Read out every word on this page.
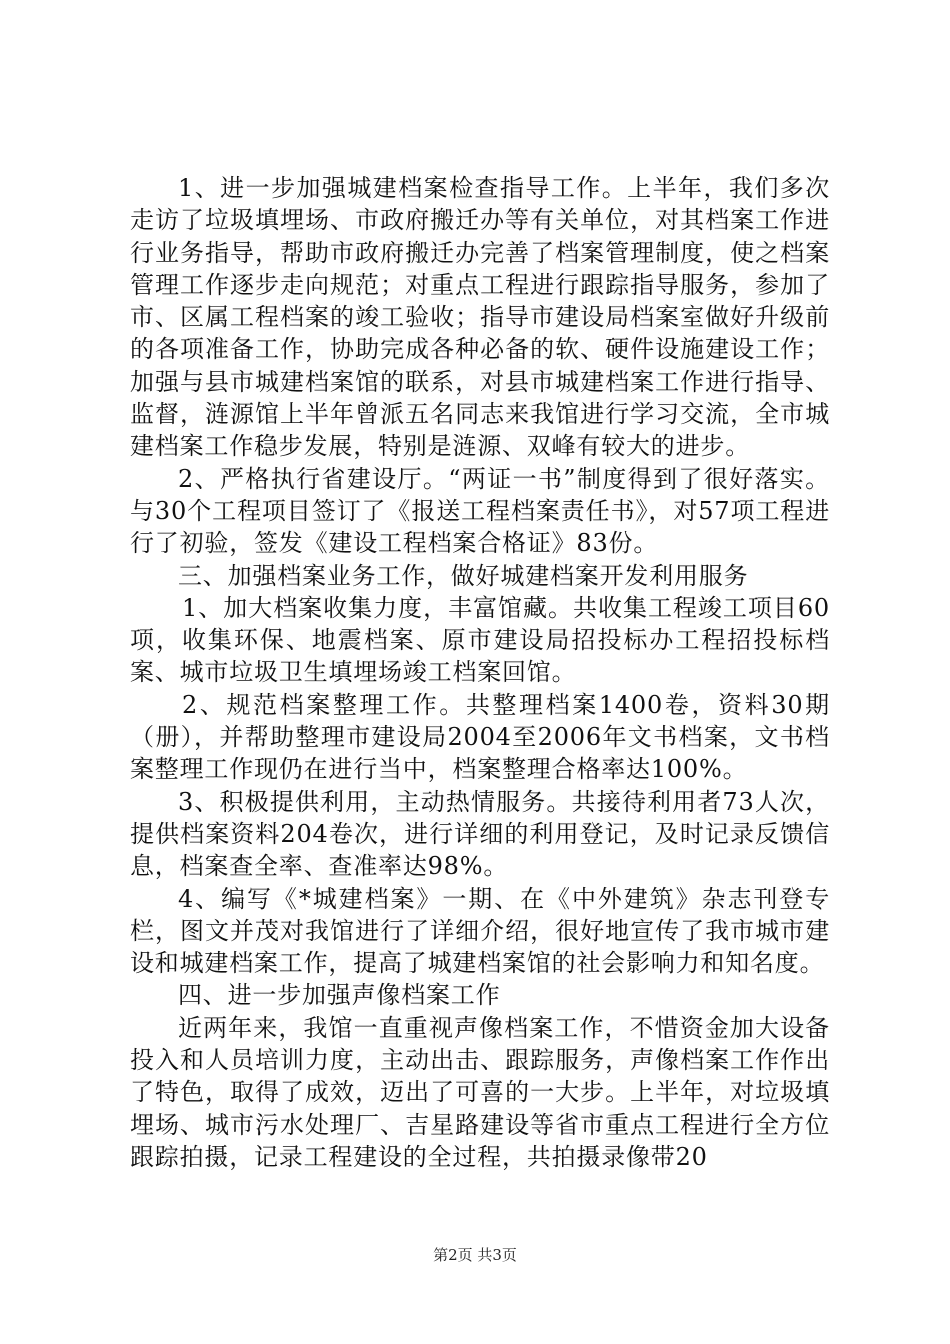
1、进一步加强城建档案检查指导工作。上半年，我们多次走访了垃圾填埋场、市政府搬迁办等有关单位，对其档案工作进行业务指导，帮助市政府搬迁办完善了档案管理制度，使之档案管理工作逐步走向规范；对重点工程进行跟踪指导服务，参加了市、区属工程档案的竣工验收；指导市建设局档案室做好升级前的各项准备工作，协助完成各种必备的软、硬件设施建设工作；加强与县市城建档案馆的联系，对县市城建档案工作进行指导、监督，涟源馆上半年曾派五名同志来我馆进行学习交流，全市城建档案工作稳步发展，特别是涟源、双峰有较大的进步。

2、严格执行省建设厅。“两证一书”制度得到了很好落实。与30个工程项目签订了《报送工程档案责任书》，对57项工程进行了初验，签发《建设工程档案合格证》83份。

三、加强档案业务工作，做好城建档案开发利用服务

1、加大档案收集力度，丰富馆藏。共收集工程竣工项目60项，收集环保、地震档案、原市建设局招投标办工程招投标档案、城市垃圾卫生填埋场竣工档案回馆。

2、规范档案整理工作。共整理档案1400卷，资料30期（册），并帮助整理市建设局2004至2006年文书档案，文书档案整理工作现仍在进行当中，档案整理合格率达100%。

3、积极提供利用，主动热情服务。共接待利用者73人次，提供档案资料204卷次，进行详细的利用登记，及时记录反馈信息，档案查全率、查准率达98%。

4、编写《*城建档案》一期、在《中外建筑》杂志刊登专栏，图文并茂对我馆进行了详细介绍，很好地宣传了我市城市建设和城建档案工作，提高了城建档案馆的社会影响力和知名度。

四、进一步加强声像档案工作

近两年来，我馆一直重视声像档案工作，不惜资金加大设备投入和人员培训力度，主动出击、跟踪服务，声像档案工作作出了特色，取得了成效，迈出了可喜的一大步。上半年，对垃圾填埋场、城市污水处理厂、吉星路建设等省市重点工程进行全方位跟踪拍摄，记录工程建设的全过程，共拍摄录像带20

第2页 共3页
